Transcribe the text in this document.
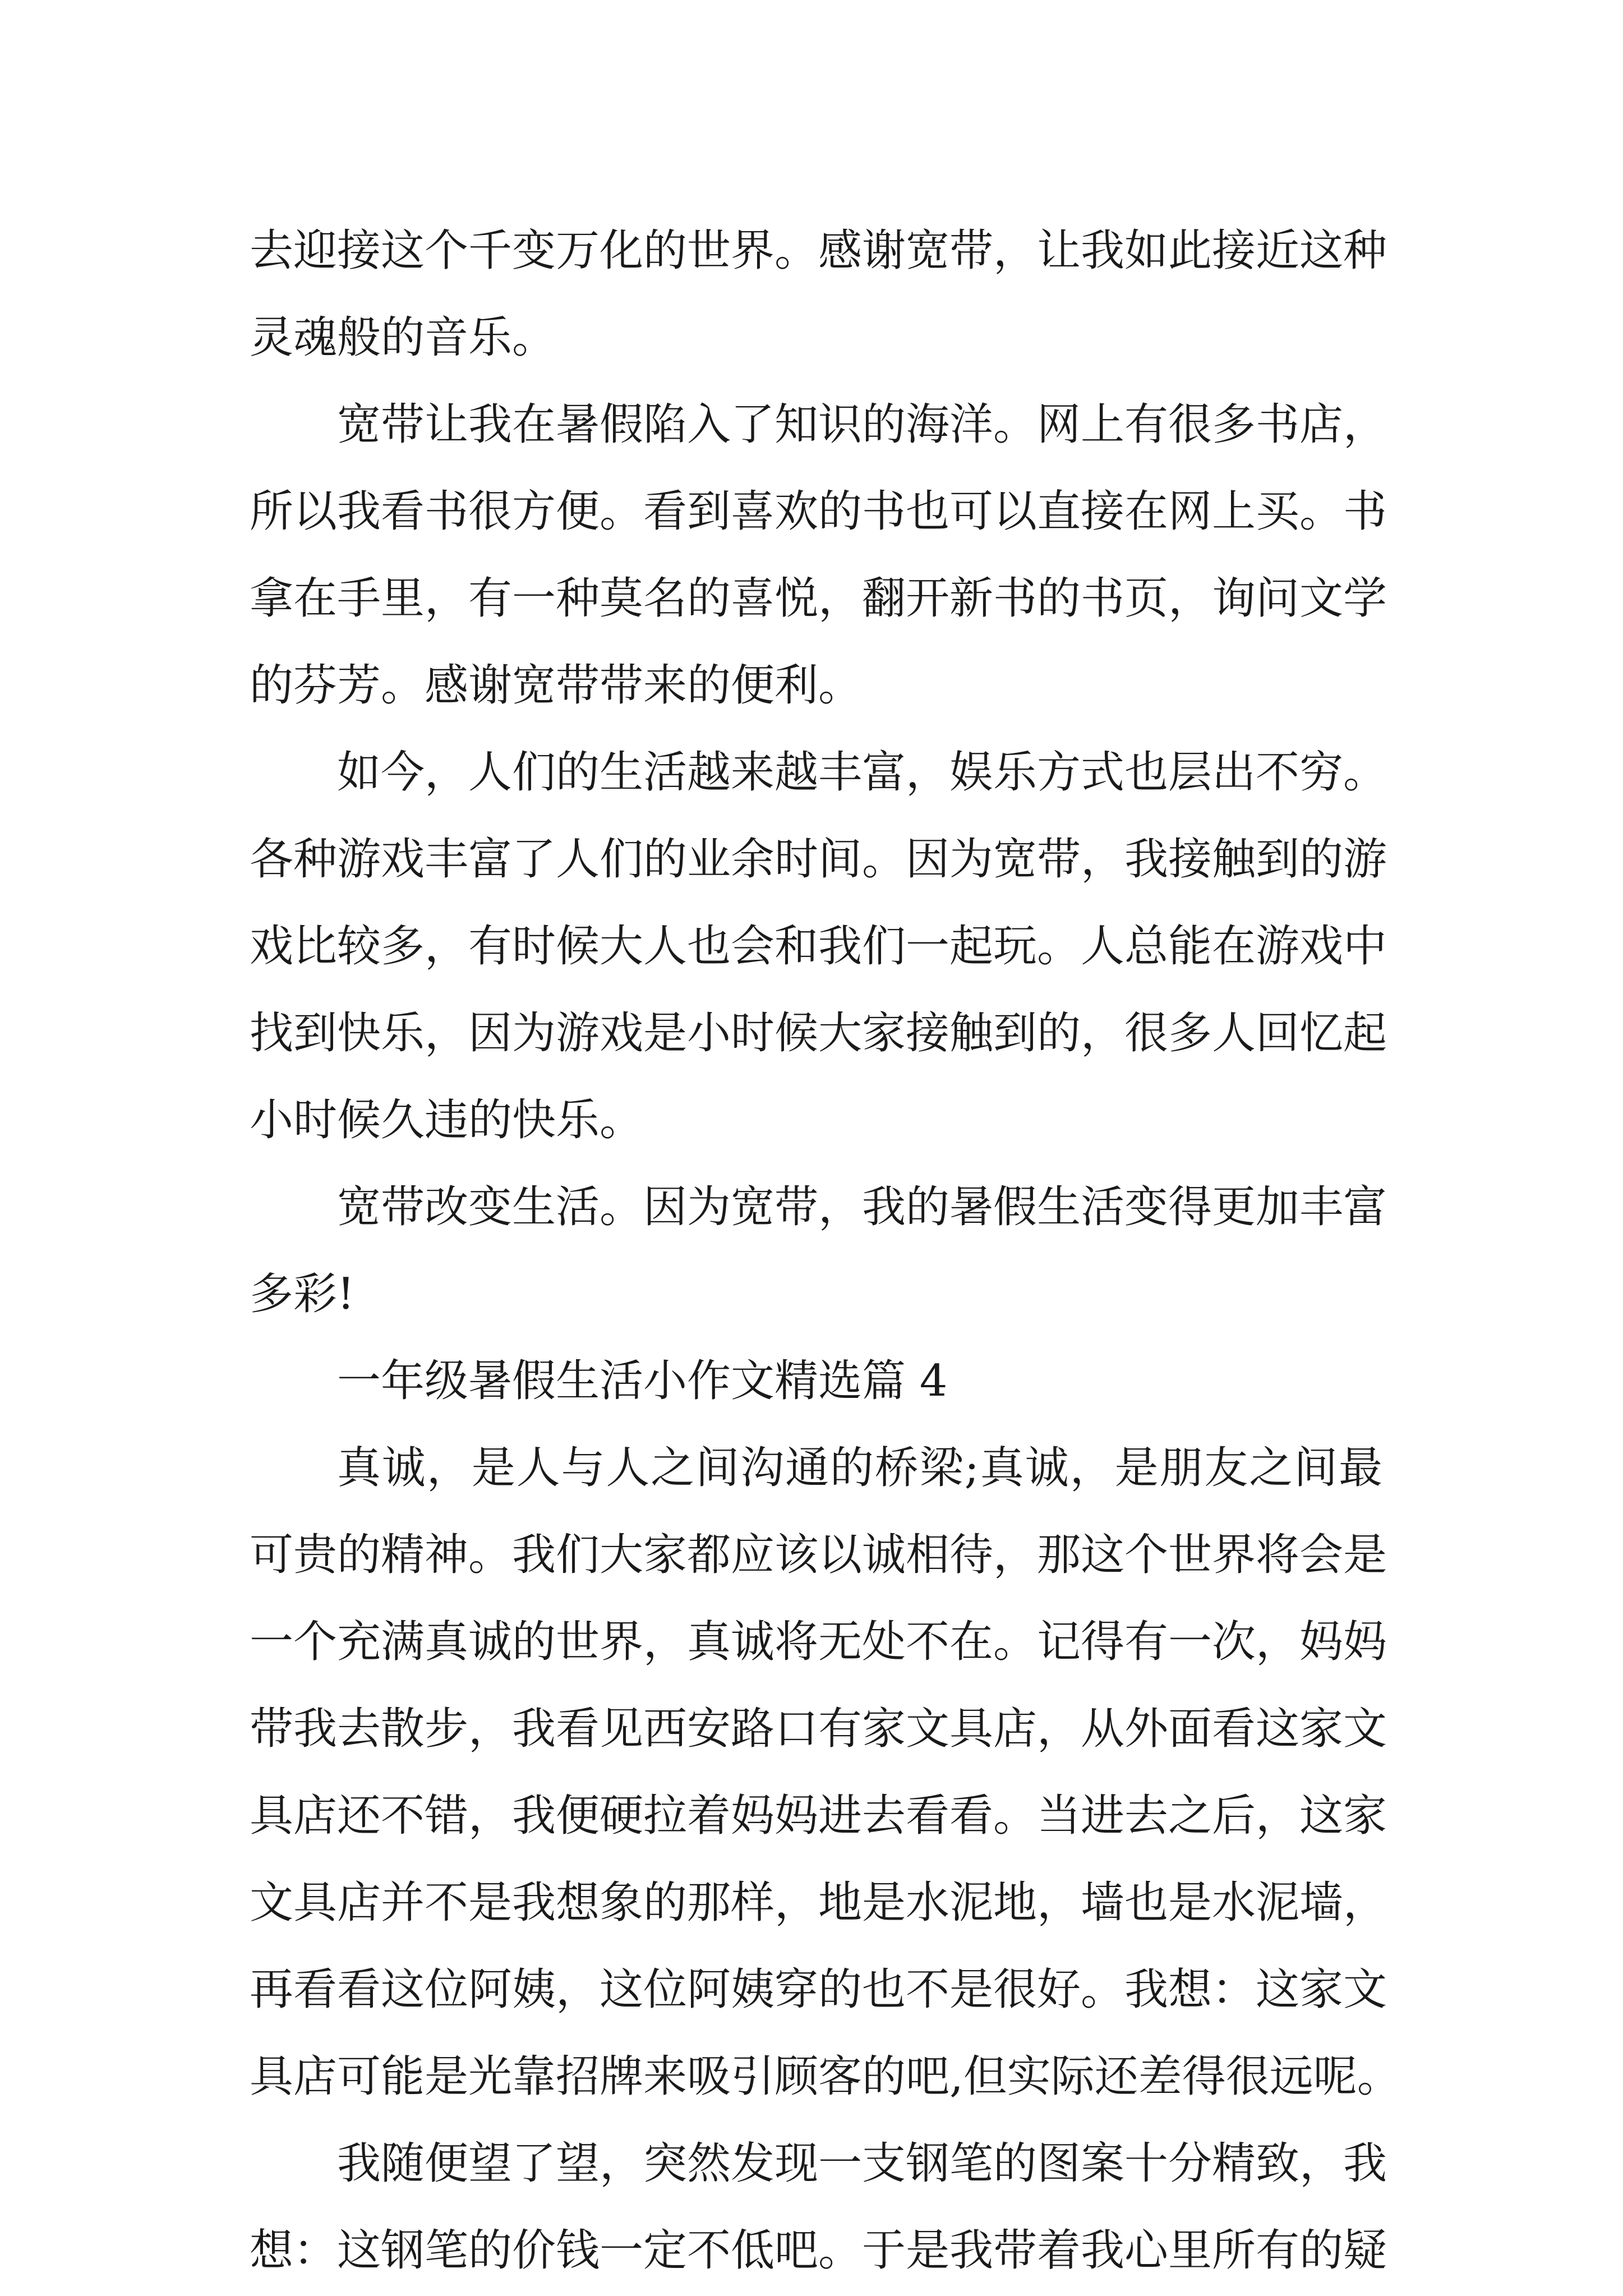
去迎接这个千变万化的世界。感谢宽带，让我如此接近这种
灵魂般的音乐。
宽带让我在暑假陷入了知识的海洋。网上有很多书店，
所以我看书很方便。看到喜欢的书也可以直接在网上买。书
拿在手里，有一种莫名的喜悦，翻开新书的书页，询问文学
的芬芳。感谢宽带带来的便利。
如今，人们的生活越来越丰富，娱乐方式也层出不穷。
各种游戏丰富了人们的业余时间。因为宽带，我接触到的游
戏比较多，有时候大人也会和我们一起玩。人总能在游戏中
找到快乐，因为游戏是小时候大家接触到的，很多人回忆起
小时候久违的快乐。
宽带改变生活。因为宽带，我的暑假生活变得更加丰富
多彩!
一年级暑假生活小作文精选篇 4
真诚，是人与人之间沟通的桥梁;真诚，是朋友之间最
可贵的精神。我们大家都应该以诚相待，那这个世界将会是
一个充满真诚的世界，真诚将无处不在。记得有一次，妈妈
带我去散步，我看见西安路口有家文具店，从外面看这家文
具店还不错，我便硬拉着妈妈进去看看。当进去之后，这家
文具店并不是我想象的那样，地是水泥地，墙也是水泥墙，
再看看这位阿姨，这位阿姨穿的也不是很好。我想：这家文
具店可能是光靠招牌来吸引顾客的吧,但实际还差得很远呢。
我随便望了望，突然发现一支钢笔的图案十分精致，我
想：这钢笔的价钱一定不低吧。于是我带着我心里所有的疑
